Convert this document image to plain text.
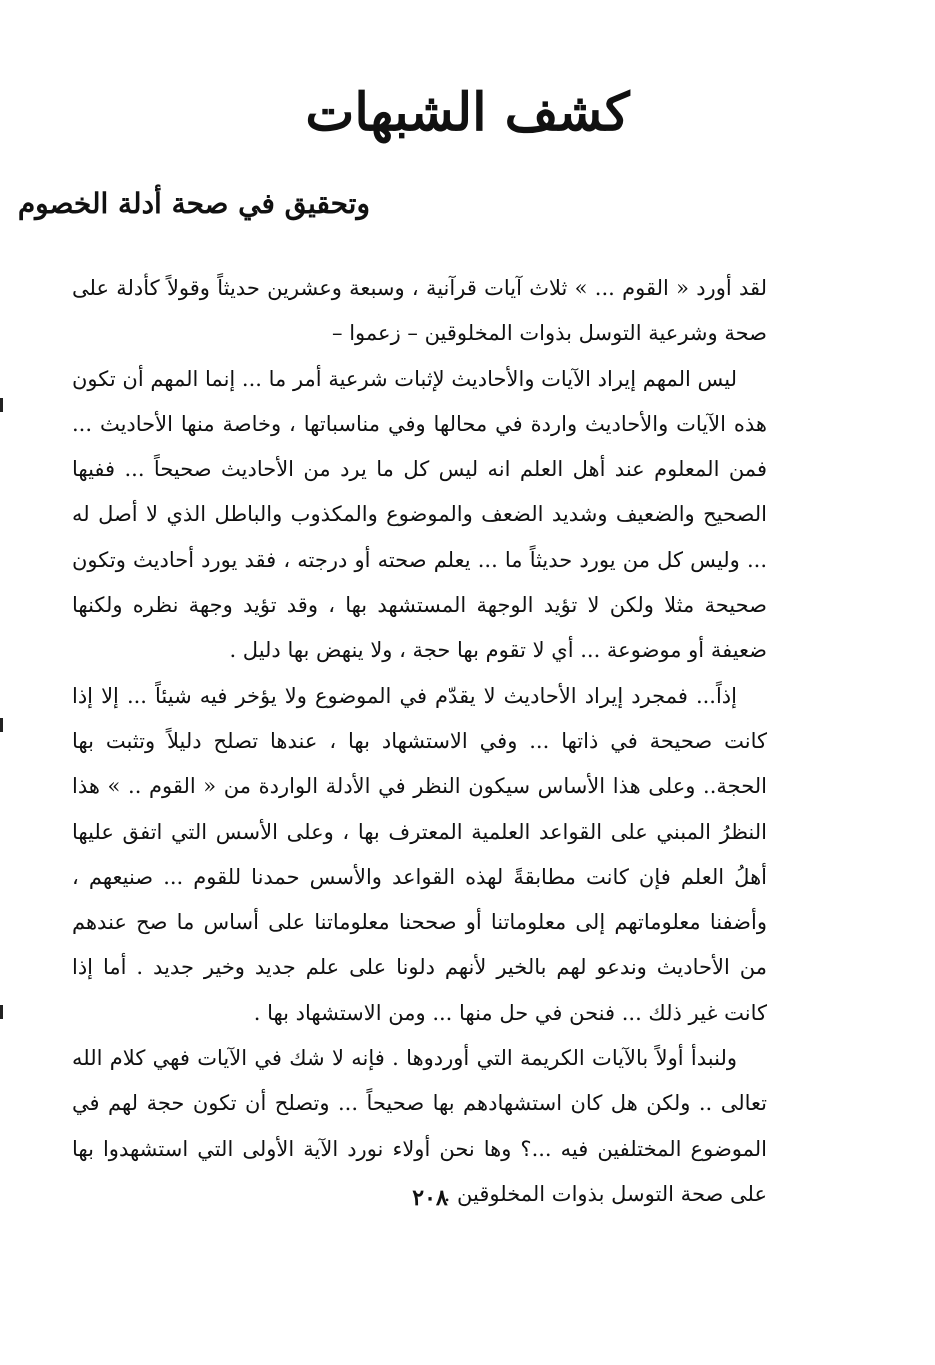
كشف الشبهات
وتحقيق في صحة أدلة الخصوم

لقد أورد « القوم ... » ثلاث آيات قرآنية ، وسبعة وعشرين حديثاً وقولاً كأدلة على صحة وشرعية التوسل بذوات المخلوقين – زعموا –

ليس المهم إيراد الآيات والأحاديث لإثبات شرعية أمر ما ... إنما المهم أن تكون هذه الآيات والأحاديث واردة في محالها وفي مناسباتها ، وخاصة منها الأحاديث ... فمن المعلوم عند أهل العلم انه ليس كل ما يرد من الأحاديث صحيحاً ... ففيها الصحيح والضعيف وشديد الضعف والموضوع والمكذوب والباطل الذي لا أصل له ... وليس كل من يورد حديثاً ما ... يعلم صحته أو درجته ، فقد يورد أحاديث وتكون صحيحة مثلا ولكن لا تؤيد الوجهة المستشهد بها ، وقد تؤيد وجهة نظره ولكنها ضعيفة أو موضوعة ... أي لا تقوم بها حجة ، ولا ينهض بها دليل .

إذاً... فمجرد إيراد الأحاديث لا يقدّم في الموضوع ولا يؤخر فيه شيئاً ... إلا إذا كانت صحيحة في ذاتها ... وفي الاستشهاد بها ، عندها تصلح دليلاً وتثبت بها الحجة.. وعلى هذا الأساس سيكون النظر في الأدلة الواردة من « القوم .. » هذا النظرُ المبني على القواعد العلمية المعترف بها ، وعلى الأسس التي اتفق عليها أهلُ العلم فإن كانت مطابقةً لهذه القواعد والأسس حمدنا للقوم ... صنيعهم ، وأضفنا معلوماتهم إلى معلوماتنا أو صححنا معلوماتنا على أساس ما صح عندهم من الأحاديث وندعو لهم بالخير لأنهم دلونا على علم جديد وخير جديد . أما إذا كانت غير ذلك ... فنحن في حل منها ... ومن الاستشهاد بها .

ولنبدأ أولاً بالآيات الكريمة التي أوردوها . فإنه لا شك في الآيات فهي كلام الله تعالى .. ولكن هل كان استشهادهم بها صحيحاً ... وتصلح أن تكون حجة لهم في الموضوع المختلفين فيه ...؟ وها نحن أولاء نورد الآية الأولى التي استشهدوا بها على صحة التوسل بذوات المخلوقين .

٢٠٨
